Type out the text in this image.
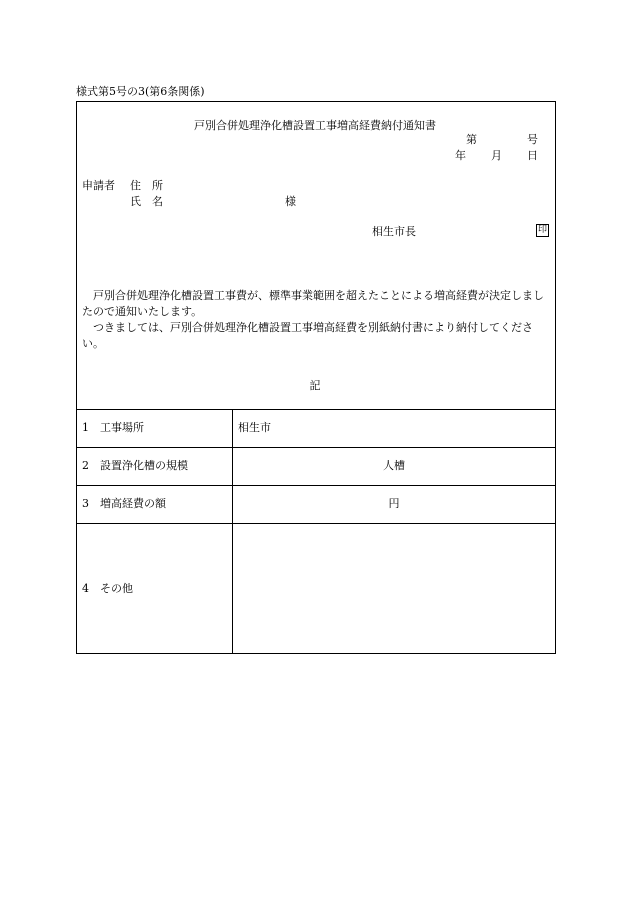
様式第5号の3(第6条関係)
戸別合併処理浄化槽設置工事増高経費納付通知書
第	号
年 月 日
申請者 住　所
氏　名	様
相生市長	印

戸別合併処理浄化槽設置工事費が、標準事業範囲を超えたことによる増高経費が決定しましたので通知いたします。

つきましては、戸別合併処理浄化槽設置工事増高経費を別紙納付書により納付してください。

記
1　工事場所	相生市
2　設置浄化槽の規模	人槽
3　増高経費の額	円
4　その他
